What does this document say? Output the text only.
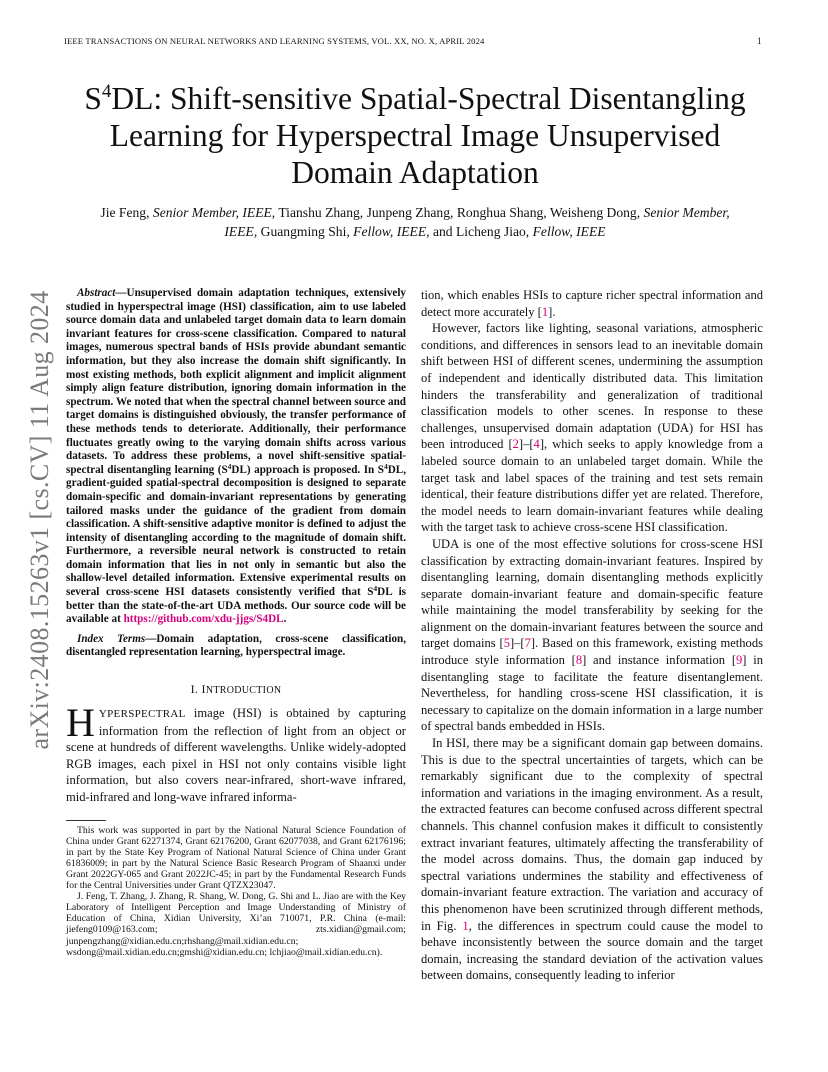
IEEE TRANSACTIONS ON NEURAL NETWORKS AND LEARNING SYSTEMS, VOL. XX, NO. X, APRIL 2024	1
$S^4DL$: Shift-sensitive Spatial-Spectral Disentangling Learning for Hyperspectral Image Unsupervised Domain Adaptation
Jie Feng, Senior Member, IEEE, Tianshu Zhang, Junpeng Zhang, Ronghua Shang, Weisheng Dong, Senior Member, IEEE, Guangming Shi, Fellow, IEEE, and Licheng Jiao, Fellow, IEEE
arXiv:2408.15263v1 [cs.CV] 11 Aug 2024	Abstract—Unsupervised domain adaptation techniques, extensively studied in hyperspectral image (HSI) classification, aim to use labeled source domain data and unlabeled target domain data to learn domain invariant features for cross-scene classification. Compared to natural images, numerous spectral bands of HSIs provide abundant semantic information, but they also increase the domain shift significantly. In most existing methods, both explicit alignment and implicit alignment simply align feature distribution, ignoring domain information in the spectrum. We noted that when the spectral channel between source and target domains is distinguished obviously, the transfer performance of these methods tends to deteriorate. Additionally, their performance fluctuates greatly owing to the varying domain shifts across various datasets. To address these problems, a novel shift-sensitive spatial-spectral disentangling learning $(S^4DL)$ approach is proposed. In $S^4DL$, gradient-guided spatial-spectral decomposition is designed to separate domain-specific and domain-invariant representations by generating tailored masks under the guidance of the gradient from domain classification. A shift-sensitive adaptive monitor is defined to adjust the intensity of disentangling according to the magnitude of domain shift. Furthermore, a reversible neural network is constructed to retain domain information that lies in not only in semantic but also the shallow-level detailed information. Extensive experimental results on several cross-scene HSI datasets consistently verified that $S^4DL$ is better than the state-of-the-art UDA methods. Our source code will be available at https://github.com/xdu-jjgs/S4DL.

Index Terms—Domain adaptation, cross-scene classification, disentangled representation learning, hyperspectral image.

I. INTRODUCTION

HYPERSPECTRAL image (HSI) is obtained by capturing information from the reflection of light from an object or scene at hundreds of different wavelengths. Unlike widely-adopted RGB images, each pixel in HSI not only contains visible light information, but also covers near-infrared, short-wave infrared, mid-infrared and long-wave infrared informa-

This work was supported in part by the National Natural Science Foundation of China under Grant 62271374, Grant 62176200, Grant 62077038, and Grant 62176196; in part by the State Key Program of National Natural Science of China under Grant 61836009; in part by the Natural Science Basic Research Program of Shaanxi under Grant 2022GY-065 and Grant 2022JC-45; in part by the Fundamental Research Funds for the Central Universities under Grant QTZX23047.

J. Feng, T. Zhang, J. Zhang, R. Shang, W. Dong, G. Shi and L. Jiao are with the Key Laboratory of Intelligent Perception and Image Understanding of Ministry of Education of China, Xidian University, Xi’an 710071, P.R. China (e-mail: jiefeng0109@163.com; zts.xidian@gmail.com; junpengzhang@xidian.edu.cn;rhshang@mail.xidian.edu.cn; wsdong@mail.xidian.edu.cn;gmshi@xidian.edu.cn; lchjiao@mail.xidian.edu.cn).

tion, which enables HSIs to capture richer spectral information and detect more accurately [1].

However, factors like lighting, seasonal variations, atmospheric conditions, and differences in sensors lead to an inevitable domain shift between HSI of different scenes, undermining the assumption of independent and identically distributed data. This limitation hinders the transferability and generalization of traditional classification models to other scenes. In response to these challenges, unsupervised domain adaptation (UDA) for HSI has been introduced [2]–[4], which seeks to apply knowledge from a labeled source domain to an unlabeled target domain. While the target task and label spaces of the training and test sets remain identical, their feature distributions differ yet are related. Therefore, the model needs to learn domain-invariant features while dealing with the target task to achieve cross-scene HSI classification.

UDA is one of the most effective solutions for cross-scene HSI classification by extracting domain-invariant features. Inspired by disentangling learning, domain disentangling methods explicitly separate domain-invariant feature and domain-specific feature while maintaining the model transferability by seeking for the alignment on the domain-invariant features between the source and target domains [5]–[7]. Based on this framework, existing methods introduce style information [8] and instance information [9] in disentangling stage to facilitate the feature disentanglement. Nevertheless, for handling cross-scene HSI classification, it is necessary to capitalize on the domain information in a large number of spectral bands embedded in HSIs.

In HSI, there may be a significant domain gap between domains. This is due to the spectral uncertainties of targets, which can be remarkably significant due to the complexity of spectral information and variations in the imaging environment. As a result, the extracted features can become confused across different spectral channels. This channel confusion makes it difficult to consistently extract invariant features, ultimately affecting the transferability of the model across domains. Thus, the domain gap induced by spectral variations undermines the stability and effectiveness of domain-invariant feature extraction. The variation and accuracy of this phenomenon have been scrutinized through different methods, in Fig. 1, the differences in spectrum could cause the model to behave inconsistently between the source domain and the target domain, increasing the standard deviation of the activation values between domains, consequently leading to inferior
